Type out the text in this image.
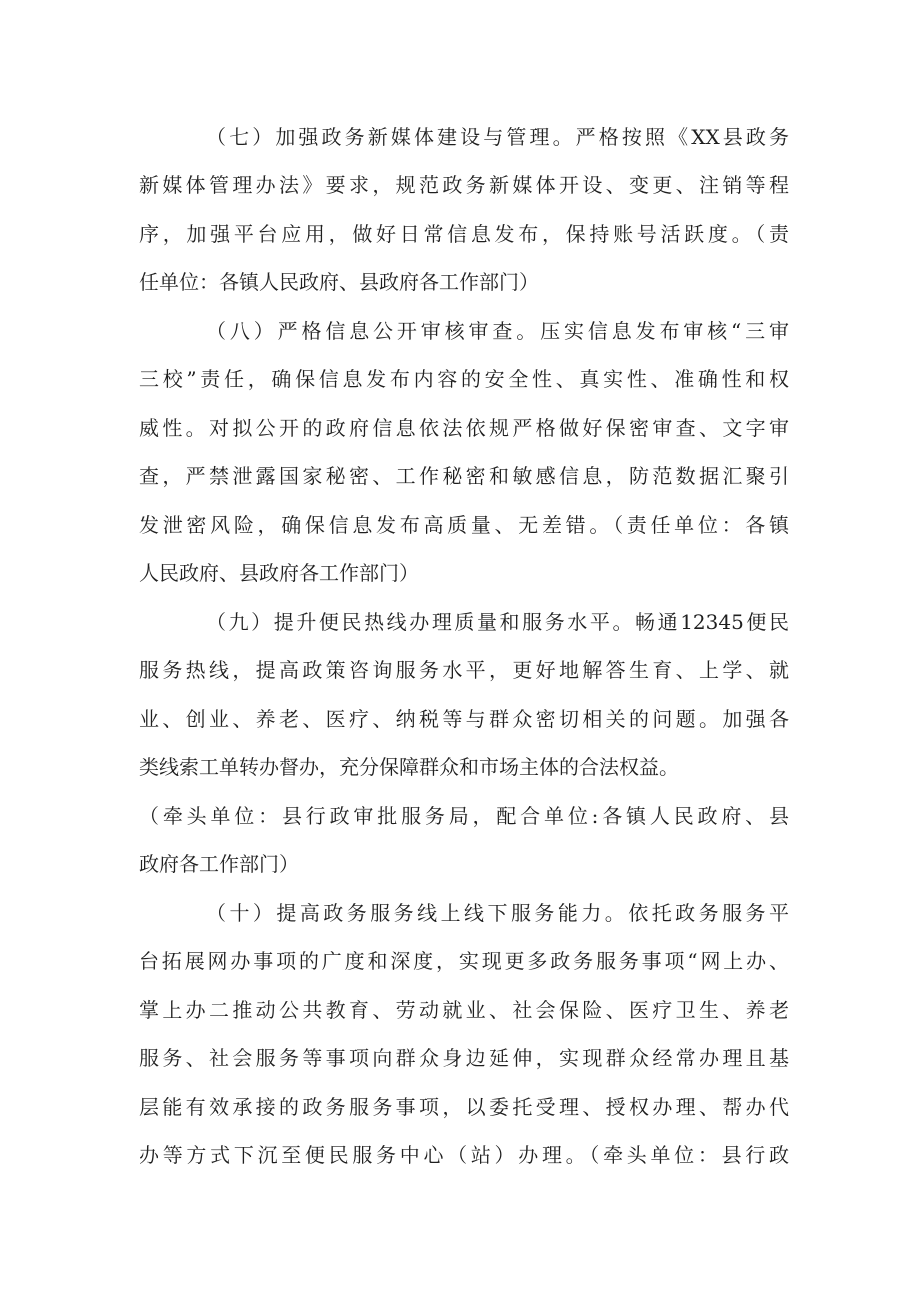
（七）加强政务新媒体建设与管理。严格按照《XX县政务
新媒体管理办法》要求，规范政务新媒体开设、变更、注销等程
序，加强平台应用，做好日常信息发布，保持账号活跃度。（责
任单位：各镇人民政府、县政府各工作部门）
（八）严格信息公开审核审查。压实信息发布审核“三审
三校”责任，确保信息发布内容的安全性、真实性、准确性和权
威性。对拟公开的政府信息依法依规严格做好保密审查、文字审
查，严禁泄露国家秘密、工作秘密和敏感信息，防范数据汇聚引
发泄密风险，确保信息发布高质量、无差错。（责任单位：各镇
人民政府、县政府各工作部门）
（九）提升便民热线办理质量和服务水平。畅通12345便民
服务热线，提高政策咨询服务水平，更好地解答生育、上学、就
业、创业、养老、医疗、纳税等与群众密切相关的问题。加强各
类线索工单转办督办，充分保障群众和市场主体的合法权益。
（牵头单位：县行政审批服务局，配合单位:各镇人民政府、县
政府各工作部门）
（十）提高政务服务线上线下服务能力。依托政务服务平
台拓展网办事项的广度和深度，实现更多政务服务事项“网上办、
掌上办二推动公共教育、劳动就业、社会保险、医疗卫生、养老
服务、社会服务等事项向群众身边延伸，实现群众经常办理且基
层能有效承接的政务服务事项，以委托受理、授权办理、帮办代
办等方式下沉至便民服务中心（站）办理。（牵头单位：县行政
